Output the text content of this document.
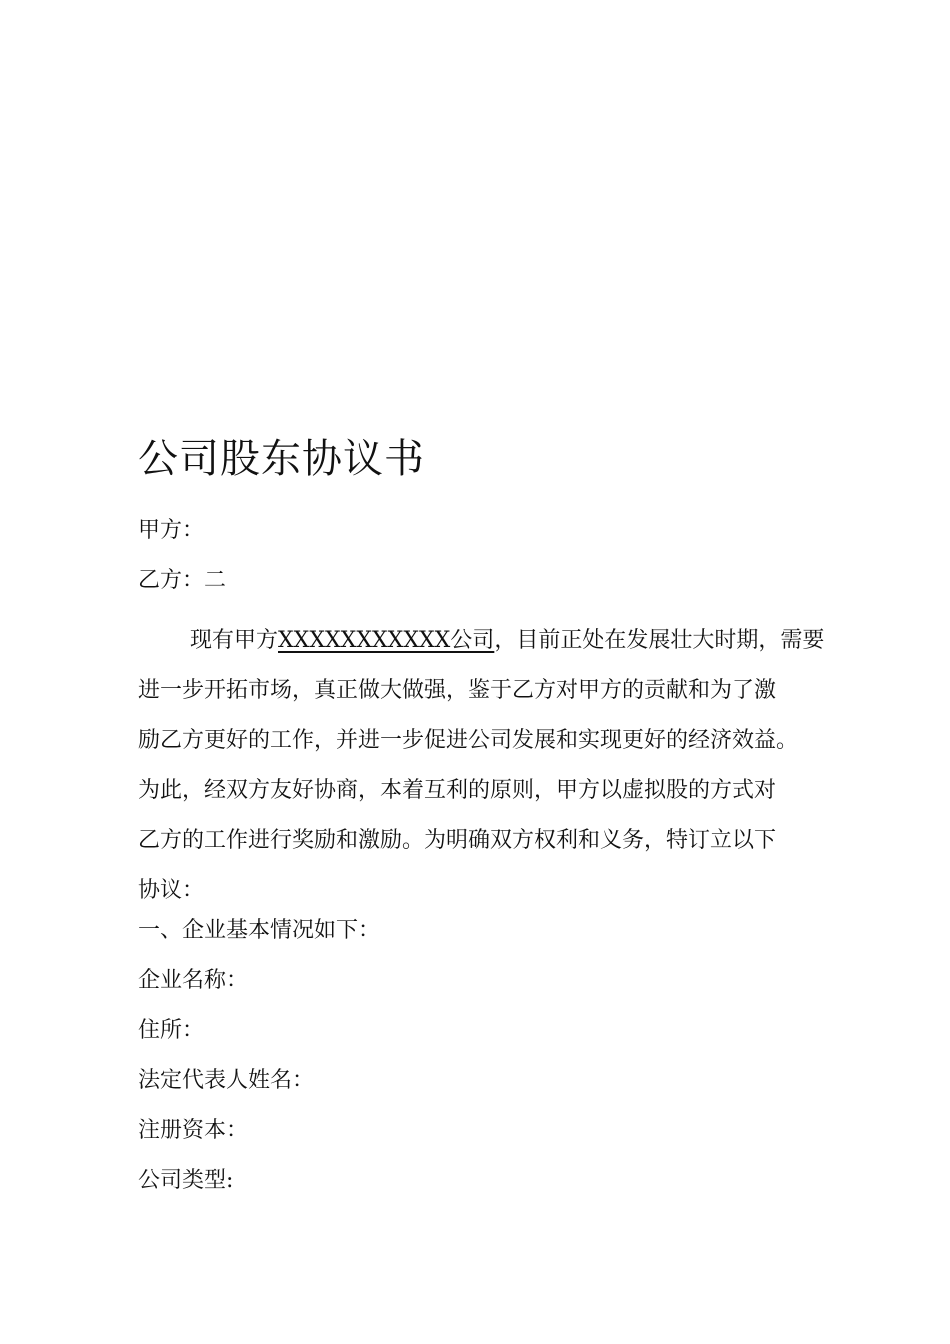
公司股东协议书

甲方：

乙方：二

现有甲方XXXXXXXXXXX公司，目前正处在发展壮大时期，需要
进一步开拓市场，真正做大做强，鉴于乙方对甲方的贡献和为了激
励乙方更好的工作，并进一步促进公司发展和实现更好的经济效益。
为此，经双方友好协商，本着互利的原则，甲方以虚拟股的方式对
乙方的工作进行奖励和激励。为明确双方权利和义务，特订立以下
协议：

一、企业基本情况如下：

企业名称：

住所：

法定代表人姓名：

注册资本：

公司类型:
